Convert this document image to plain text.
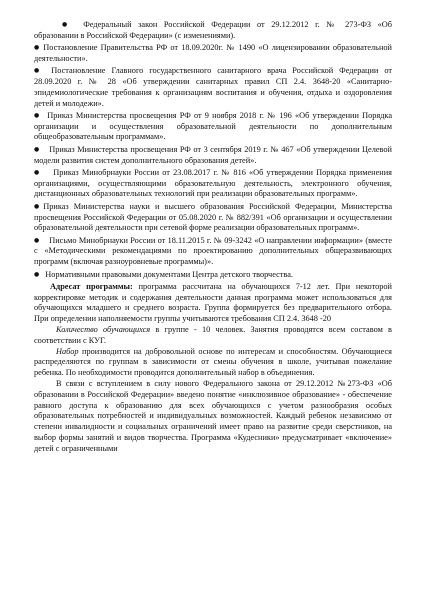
● Федеральный закон Российской Федерации от 29.12.2012 г. № 273-ФЗ «Об образовании в Российской Федерации» (с изменениями).

● Постановление Правительства РФ от 18.09.2020г. № 1490 «О лицензировании образовательной деятельности».

● Постановление Главного государственного санитарного врача Российской Федерации от 28.09.2020 г. № 28 «Об утверждении санитарных правил СП 2.4. 3648-20 «Санитарно-эпидемиологические требования к организациям воспитания и обучения, отдыха и оздоровления детей и молодежи».

● Приказ Министерства просвещения РФ от 9 ноября 2018 г. № 196 «Об утверждении Порядка организации и осуществления образовательной деятельности по дополнительным общеобразовательным программам».

● Приказ Министерства просвещения РФ от 3 сентября 2019 г. № 467 «Об утверждении Целевой модели развития систем дополнительного образования детей».

● Приказ Минобрнауки России от 23.08.2017 г. № 816 «Об утверждении Порядка применения организациями, осуществляющими образовательную деятельность, электронного обучения, дистанционных образовательных технологий при реализации образовательных программ».

● Приказ Министерства науки и высшего образования Российской Федерации, Министерства просвещения Российской Федерации от 05.08.2020 г. № 882/391 «Об организации и осуществлении образовательной деятельности при сетевой форме реализации образовательных программ».

● Письмо Минобрнауки России от 18.11.2015 г. № 09-3242 «О направлении информации» (вместе с «Методическими рекомендациями по проектированию дополнительных общеразвивающих программ (включая разноуровневые программы)».

● Нормативными правовыми документами Центра детского творчества.

Адресат программы: программа рассчитана на обучающихся 7-12 лет. При некоторой корректировке методик и содержания деятельности данная программа может использоваться для обучающихся младшего и среднего возраста. Группа формируется без предварительного отбора. При определении наполняемости группы учитываются требования СП 2.4. 3648 -20

Количество обучающихся в группе - 10 человек. Занятия проводятся всем составом в соответствии с КУГ.

Набор производится на добровольной основе по интересам и способностям. Обучающиеся распределяются по группам в зависимости от смены обучения в школе, учитывая пожелание ребенка. По необходимости проводится дополнительный набор в объединения.

В связи с вступлением в силу нового Федерального закона от 29.12.2012 №273-ФЗ «Об образовании в Российской Федерации» введено понятие «инклюзивное образование» - обеспечение равного доступа к образованию для всех обучающихся с учетом разнообразия особых образовательных потребностей и индивидуальных возможностей. Каждый ребенок независимо от степени инвалидности и социальных ограничений имеет право на развитие среди сверстников, на выбор формы занятий и видов творчества. Программа «Кудесники» предусматривает «включение» детей с ограниченными
